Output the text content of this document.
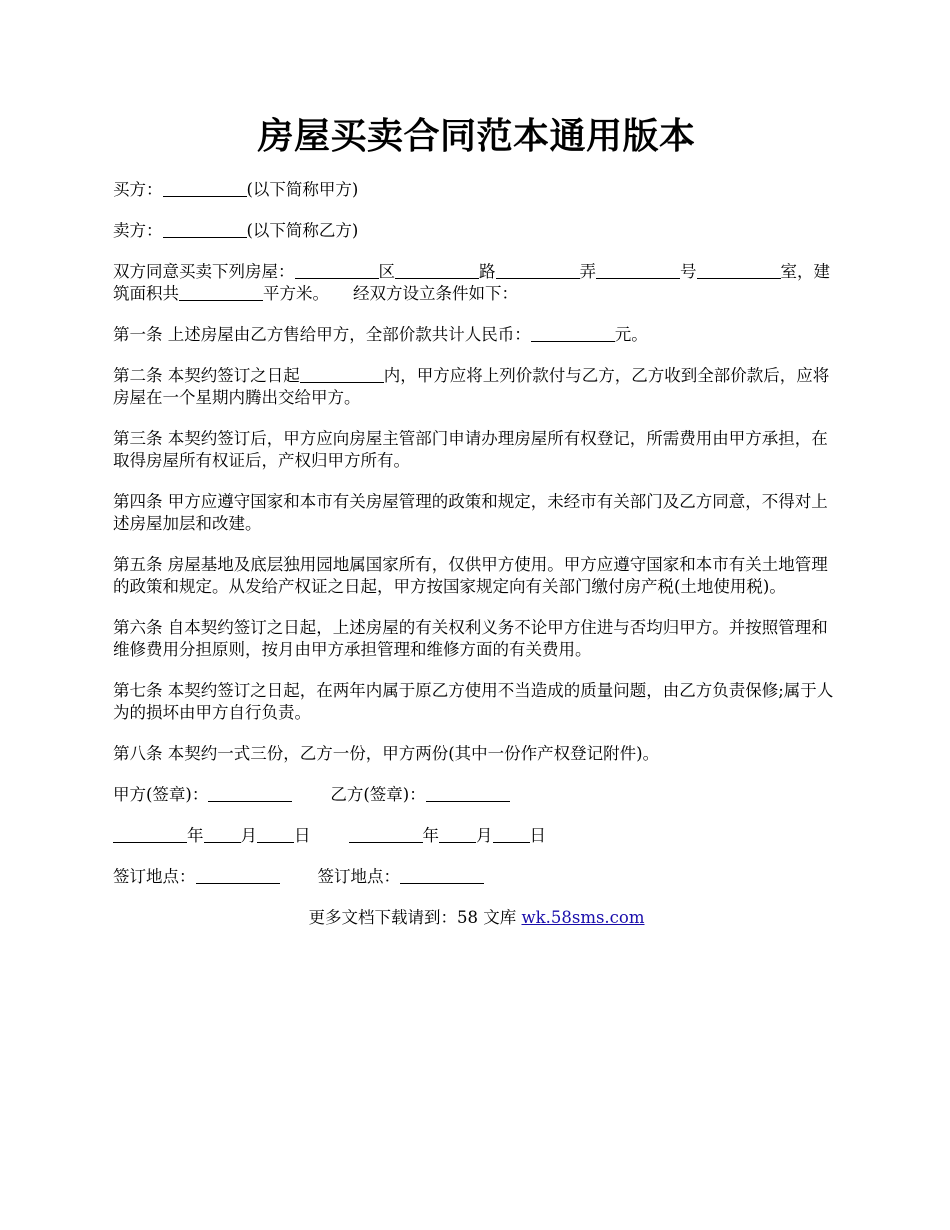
房屋买卖合同范本通用版本

买方：	(以下简称甲方)

卖方：	(以下简称乙方)

双方同意买卖下列房屋：	区	路	弄	号	室，建筑面积共	平方米。 经双方设立条件如下：

第一条 上述房屋由乙方售给甲方，全部价款共计人民币：	元。

第二条 本契约签订之日起	内，甲方应将上列价款付与乙方，乙方收到全部价款后，应将房屋在一个星期内腾出交给甲方。

第三条 本契约签订后，甲方应向房屋主管部门申请办理房屋所有权登记，所需费用由甲方承担，在取得房屋所有权证后，产权归甲方所有。

第四条 甲方应遵守国家和本市有关房屋管理的政策和规定，未经市有关部门及乙方同意，不得对上述房屋加层和改建。

第五条 房屋基地及底层独用园地属国家所有，仅供甲方使用。甲方应遵守国家和本市有关土地管理的政策和规定。从发给产权证之日起，甲方按国家规定向有关部门缴付房产税(土地使用税)。

第六条 自本契约签订之日起，上述房屋的有关权利义务不论甲方住进与否均归甲方。并按照管理和维修费用分担原则，按月由甲方承担管理和维修方面的有关费用。

第七条 本契约签订之日起，在两年内属于原乙方使用不当造成的质量问题，由乙方负责保修;属于人为的损坏由甲方自行负责。

第八条 本契约一式三份，乙方一份，甲方两份(其中一份作产权登记附件)。

甲方(签章)：	乙方(签章)：

年 月 日	年 月 日

签订地点：	签订地点：

更多文档下载请到：58 文库 wk.58sms.com
